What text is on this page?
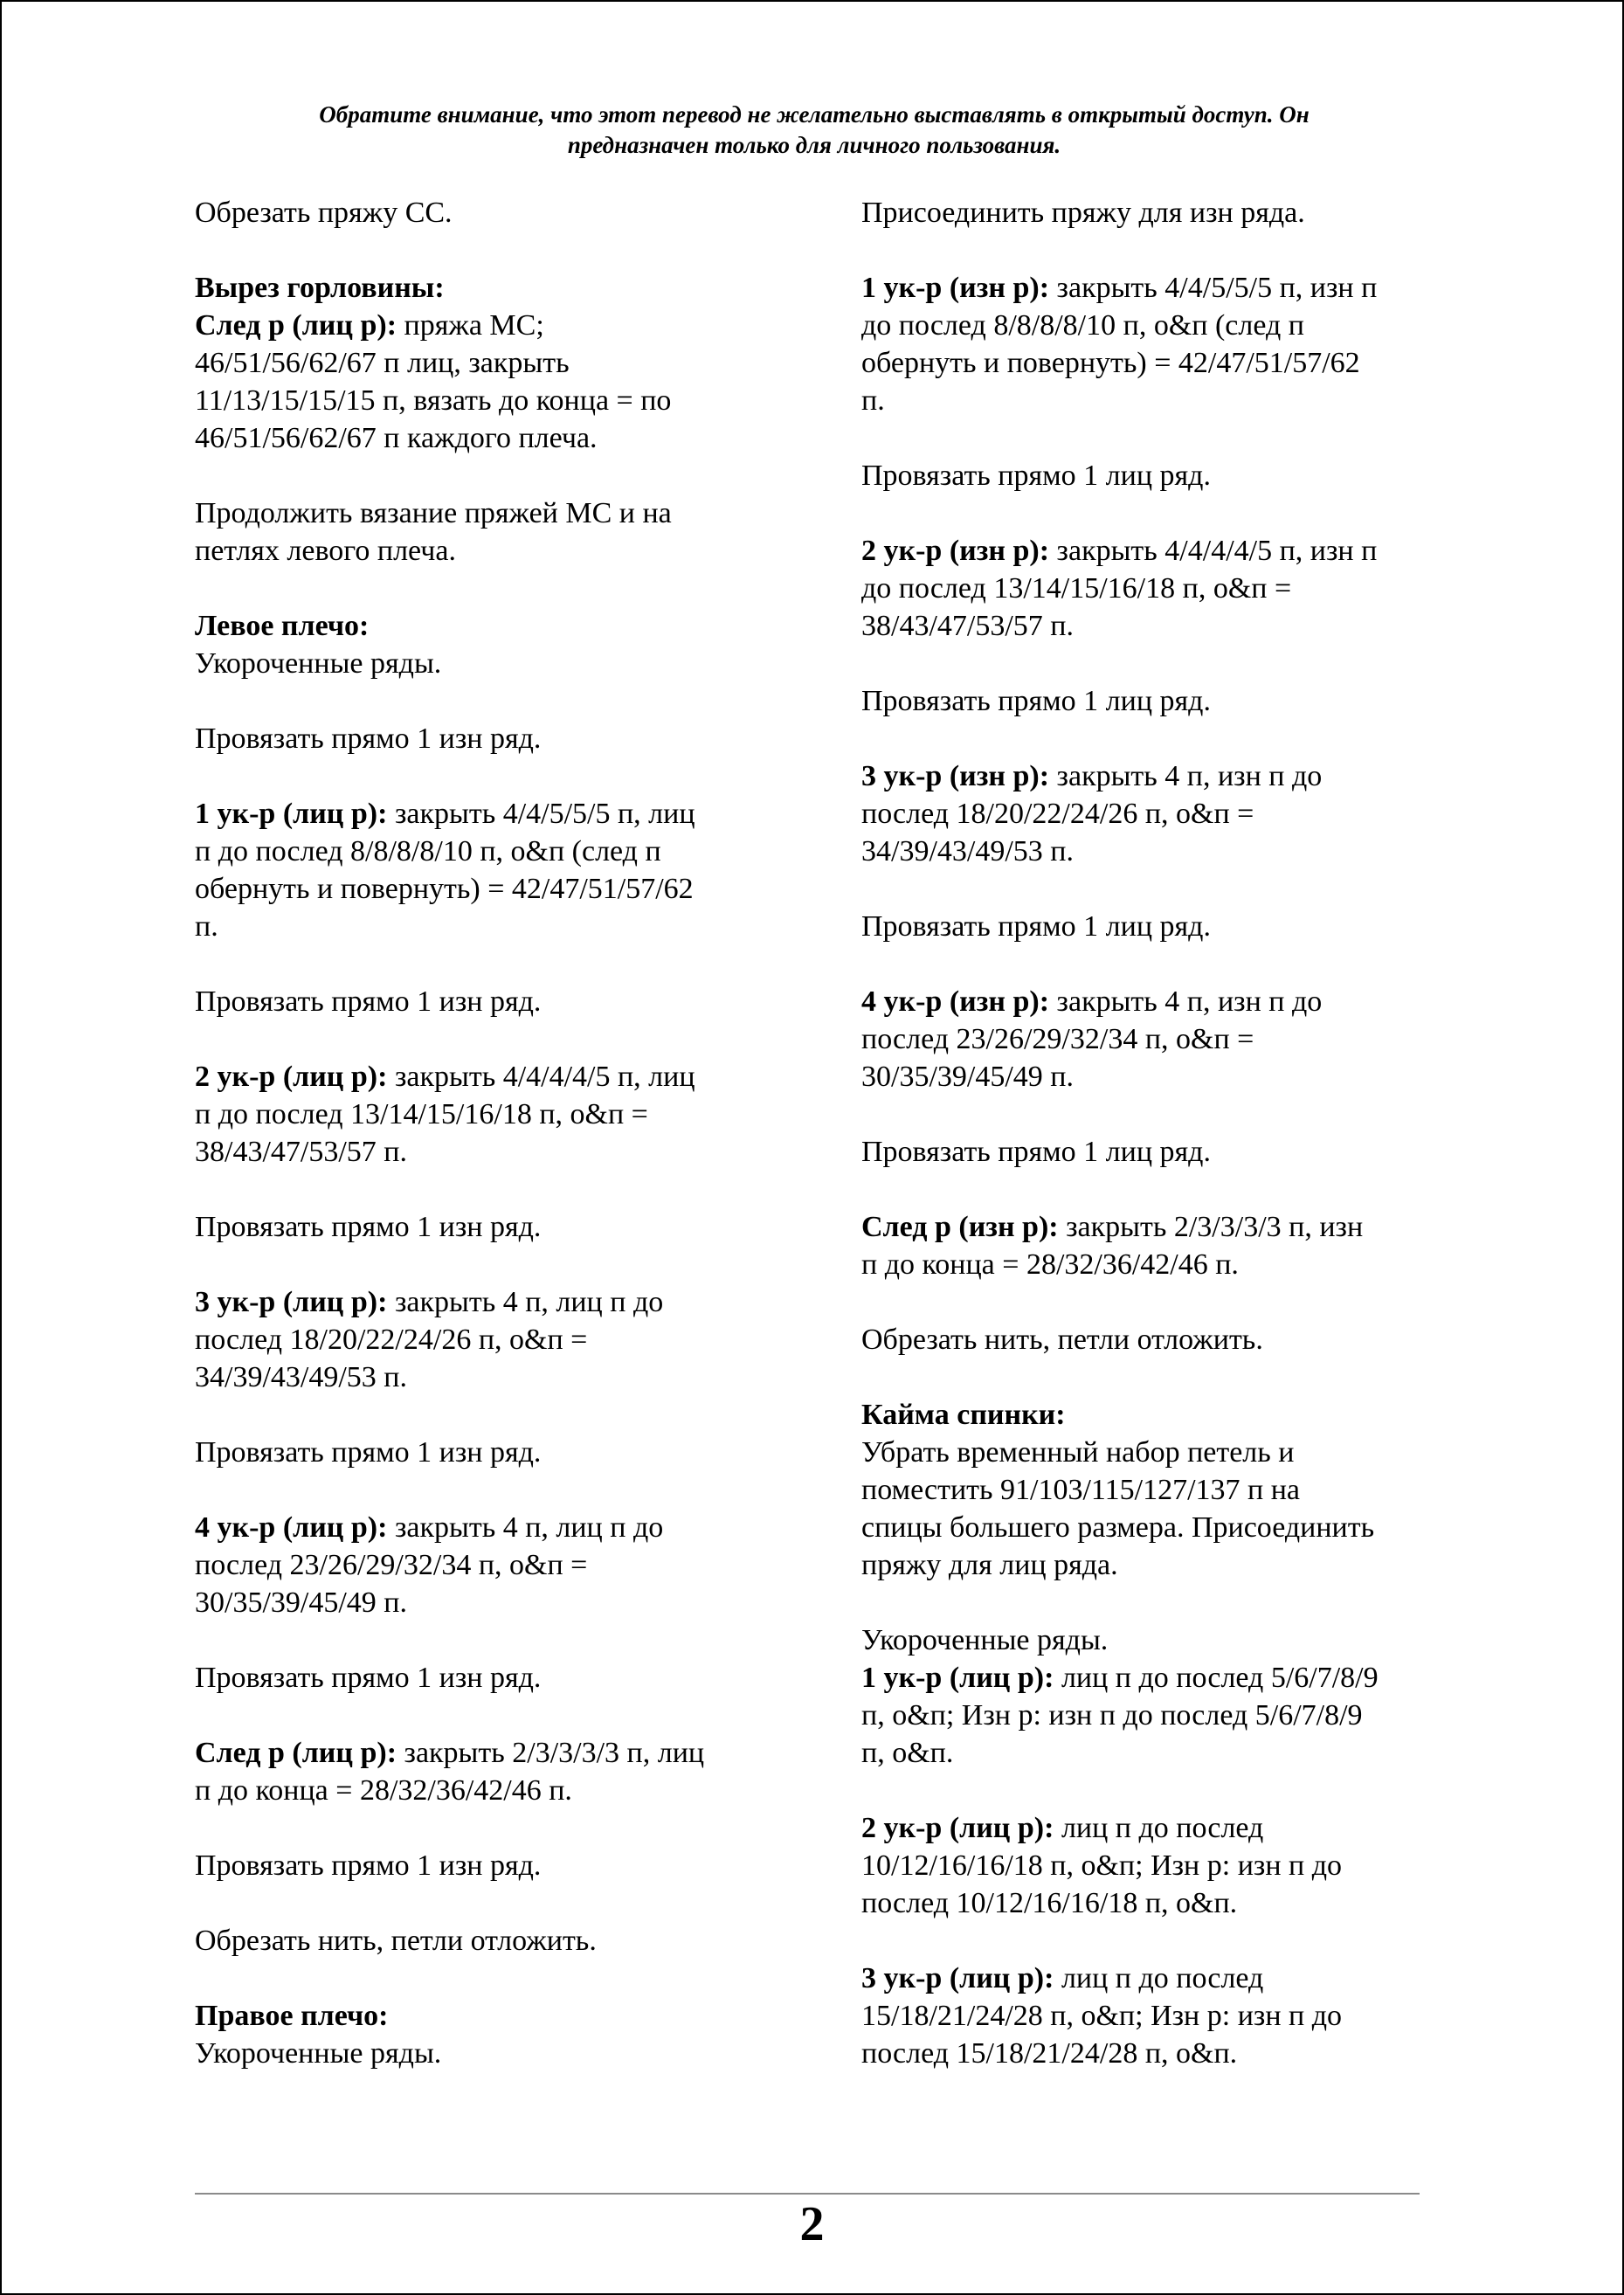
Обратите внимание, что этот перевод не желательно выставлять в открытый доступ. Он
предназначен только для личного пользования.
Обрезать пряжу СС.
Вырез горловины:
След р (лиц р): пряжа МС;
46/51/56/62/67 п лиц, закрыть
11/13/15/15/15 п, вязать до конца = по
46/51/56/62/67 п каждого плеча.
Продолжить вязание пряжей МС и на
петлях левого плеча.
Левое плечо:
Укороченные ряды.
Провязать прямо 1 изн ряд.
1 ук-р (лиц р): закрыть 4/4/5/5/5 п, лиц
п до послед 8/8/8/8/10 п, о&п (след п
обернуть и повернуть) = 42/47/51/57/62
п.
Провязать прямо 1 изн ряд.
2 ук-р (лиц р): закрыть 4/4/4/4/5 п, лиц
п до послед 13/14/15/16/18 п, о&п =
38/43/47/53/57 п.
Провязать прямо 1 изн ряд.
3 ук-р (лиц р): закрыть 4 п, лиц п до
послед 18/20/22/24/26 п, о&п =
34/39/43/49/53 п.
Провязать прямо 1 изн ряд.
4 ук-р (лиц р): закрыть 4 п, лиц п до
послед 23/26/29/32/34 п, о&п =
30/35/39/45/49 п.
Провязать прямо 1 изн ряд.
След р (лиц р): закрыть 2/3/3/3/3 п, лиц
п до конца = 28/32/36/42/46 п.
Провязать прямо 1 изн ряд.
Обрезать нить, петли отложить.
Правое плечо:
Укороченные ряды.
Присоединить пряжу для изн ряда.
1 ук-р (изн р): закрыть 4/4/5/5/5 п, изн п
до послед 8/8/8/8/10 п, о&п (след п
обернуть и повернуть) = 42/47/51/57/62
п.
Провязать прямо 1 лиц ряд.
2 ук-р (изн р): закрыть 4/4/4/4/5 п, изн п
до послед 13/14/15/16/18 п, о&п =
38/43/47/53/57 п.
Провязать прямо 1 лиц ряд.
3 ук-р (изн р): закрыть 4 п, изн п до
послед 18/20/22/24/26 п, о&п =
34/39/43/49/53 п.
Провязать прямо 1 лиц ряд.
4 ук-р (изн р): закрыть 4 п, изн п до
послед 23/26/29/32/34 п, о&п =
30/35/39/45/49 п.
Провязать прямо 1 лиц ряд.
След р (изн р): закрыть 2/3/3/3/3 п, изн
п до конца = 28/32/36/42/46 п.
Обрезать нить, петли отложить.
Кайма спинки:
Убрать временный набор петель и
поместить 91/103/115/127/137 п на
спицы большего размера. Присоединить
пряжу для лиц ряда.
Укороченные ряды.
1 ук-р (лиц р): лиц п до послед 5/6/7/8/9
п, о&п; Изн р: изн п до послед 5/6/7/8/9
п, о&п.
2 ук-р (лиц р): лиц п до послед
10/12/16/16/18 п, о&п; Изн р: изн п до
послед 10/12/16/16/18 п, о&п.
3 ук-р (лиц р): лиц п до послед
15/18/21/24/28 п, о&п; Изн р: изн п до
послед 15/18/21/24/28 п, о&п.
2
